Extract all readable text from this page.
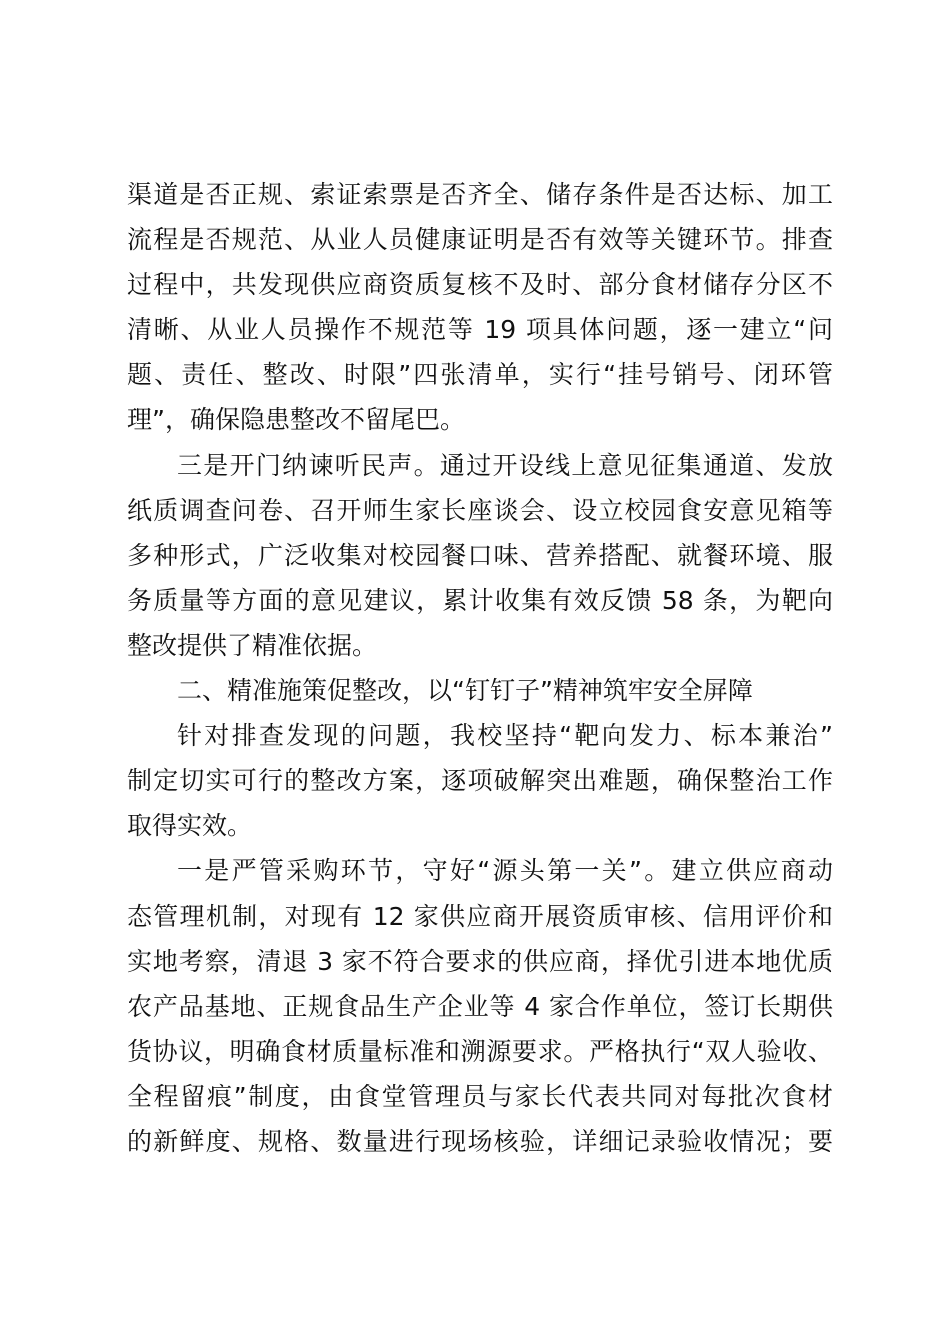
渠道是否正规、索证索票是否齐全、储存条件是否达标、加工
流程是否规范、从业人员健康证明是否有效等关键环节。排查
过程中，共发现供应商资质复核不及时、部分食材储存分区不
清晰、从业人员操作不规范等 19 项具体问题，逐一建立“问
题、责任、整改、时限”四张清单，实行“挂号销号、闭环管
理”，确保隐患整改不留尾巴。
三是开门纳谏听民声。通过开设线上意见征集通道、发放
纸质调查问卷、召开师生家长座谈会、设立校园食安意见箱等
多种形式，广泛收集对校园餐口味、营养搭配、就餐环境、服
务质量等方面的意见建议，累计收集有效反馈 58 条，为靶向
整改提供了精准依据。
二、精准施策促整改，以“钉钉子”精神筑牢安全屏障
针对排查发现的问题，我校坚持“靶向发力、标本兼治”
制定切实可行的整改方案，逐项破解突出难题，确保整治工作
取得实效。
一是严管采购环节，守好“源头第一关”。建立供应商动
态管理机制，对现有 12 家供应商开展资质审核、信用评价和
实地考察，清退 3 家不符合要求的供应商，择优引进本地优质
农产品基地、正规食品生产企业等 4 家合作单位，签订长期供
货协议，明确食材质量标准和溯源要求。严格执行“双人验收、
全程留痕”制度，由食堂管理员与家长代表共同对每批次食材
的新鲜度、规格、数量进行现场核验，详细记录验收情况；要
